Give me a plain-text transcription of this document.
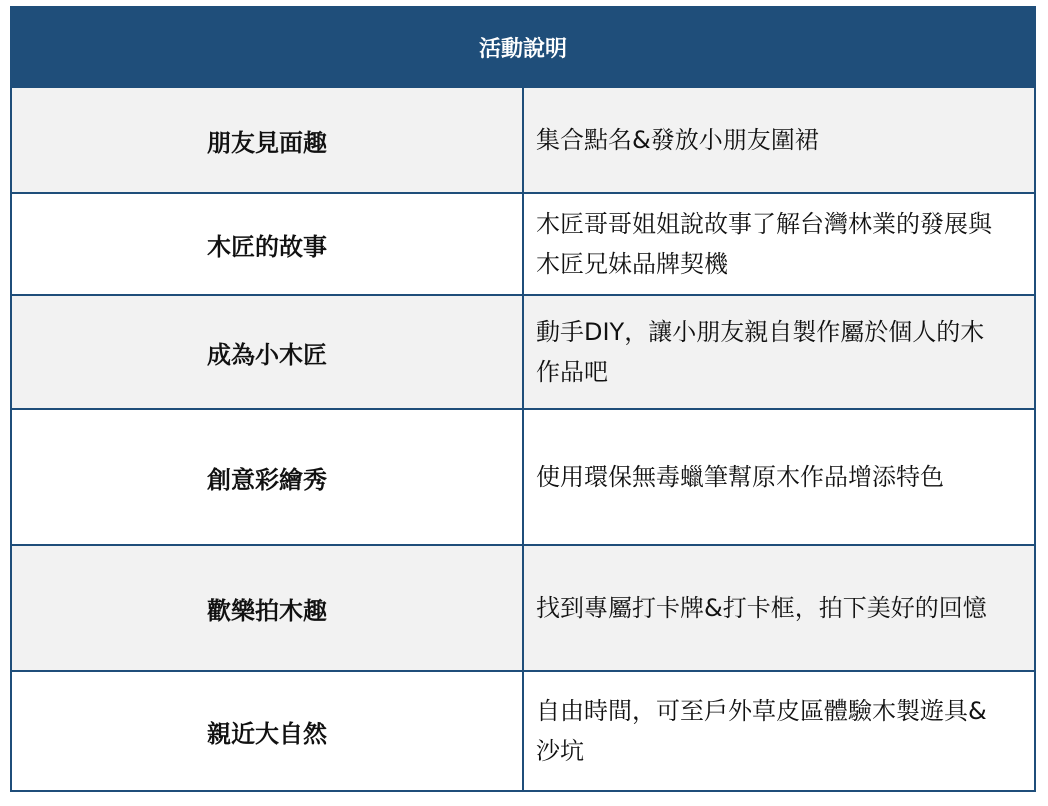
活動說明	
朋友見面趣	集合點名&發放小朋友圍裙
木匠的故事	木匠哥哥姐姐說故事了解台灣林業的發展與木匠兄妹品牌契機
成為小木匠	動手DIY，讓小朋友親自製作屬於個人的木作品吧
創意彩繪秀	使用環保無毒蠟筆幫原木作品增添特色
歡樂拍木趣	找到專屬打卡牌&打卡框，拍下美好的回憶
親近大自然	自由時間，可至戶外草皮區體驗木製遊具&沙坑
